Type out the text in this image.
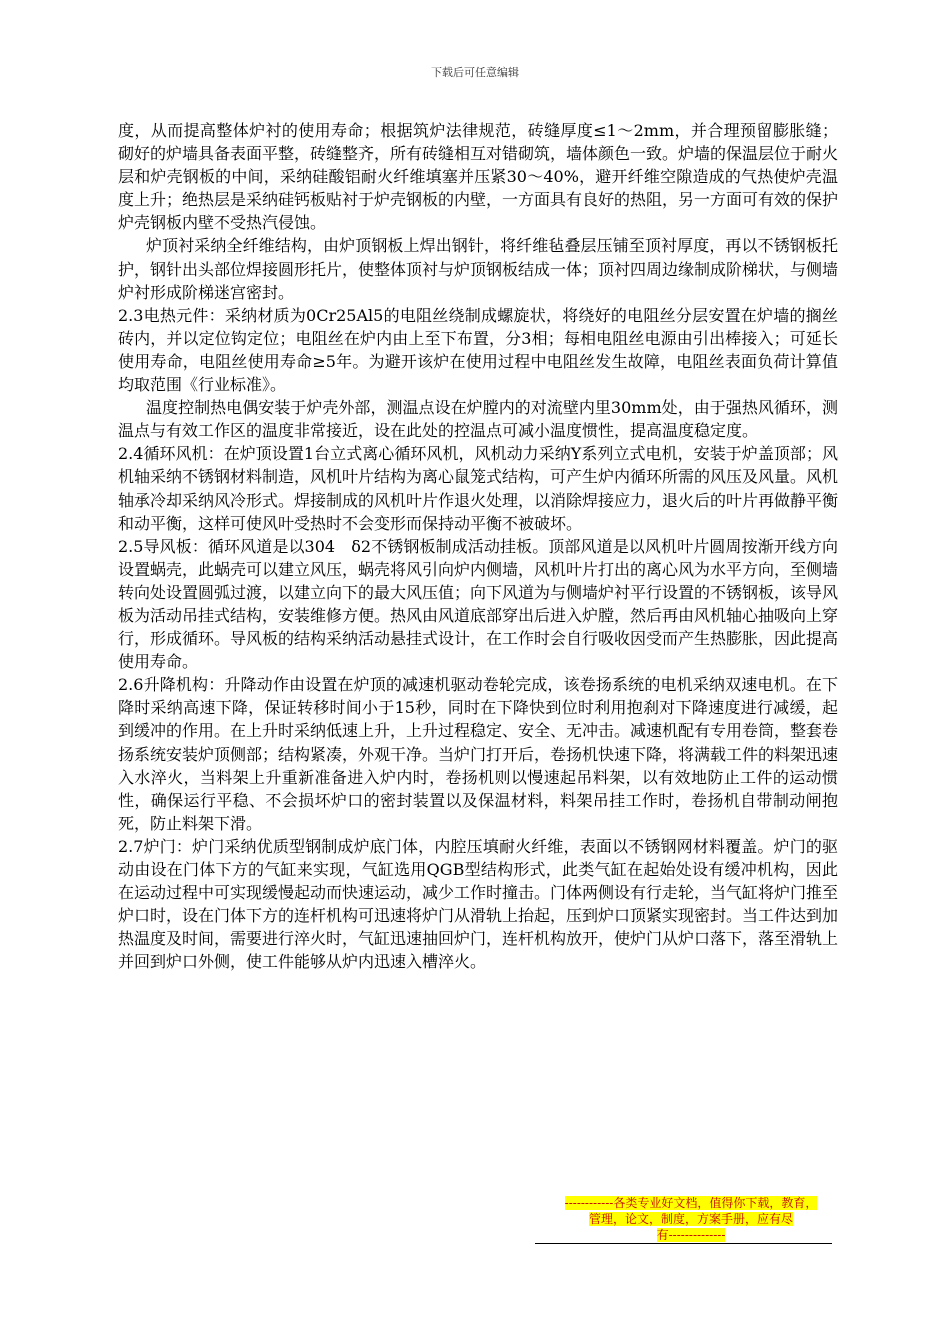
下载后可任意编辑

度，从而提高整体炉衬的使用寿命；根据筑炉法律规范，砖缝厚度≤1～2mm，并合理预留膨胀缝；砌好的炉墙具备表面平整，砖缝整齐，所有砖缝相互对错砌筑，墙体颜色一致。炉墙的保温层位于耐火层和炉壳钢板的中间，采纳硅酸铝耐火纤维填塞并压紧30～40%，避开纤维空隙造成的气热使炉壳温度上升；绝热层是采纳硅钙板贴衬于炉壳钢板的内壁，一方面具有良好的热阻，另一方面可有效的保护炉壳钢板内壁不受热汽侵蚀。

炉顶衬采纳全纤维结构，由炉顶钢板上焊出钢针，将纤维毡叠层压铺至顶衬厚度，再以不锈钢板托护，钢针出头部位焊接圆形托片，使整体顶衬与炉顶钢板结成一体；顶衬四周边缘制成阶梯状，与侧墙炉衬形成阶梯迷宫密封。

2.3电热元件：采纳材质为0Cr25Al5的电阻丝绕制成螺旋状，将绕好的电阻丝分层安置在炉墙的搁丝砖内，并以定位钩定位；电阻丝在炉内由上至下布置，分3相；每相电阻丝电源由引出棒接入；可延长使用寿命，电阻丝使用寿命≥5年。为避开该炉在使用过程中电阻丝发生故障，电阻丝表面负荷计算值均取范围《行业标准》。

温度控制热电偶安装于炉壳外部，测温点设在炉膛内的对流壁内里30mm处，由于强热风循环，测温点与有效工作区的温度非常接近，设在此处的控温点可减小温度惯性，提高温度稳定度。

2.4循环风机：在炉顶设置1台立式离心循环风机，风机动力采纳Y系列立式电机，安装于炉盖顶部；风机轴采纳不锈钢材料制造，风机叶片结构为离心鼠笼式结构，可产生炉内循环所需的风压及风量。风机轴承冷却采纳风冷形式。焊接制成的风机叶片作退火处理，以消除焊接应力，退火后的叶片再做静平衡和动平衡，这样可使风叶受热时不会变形而保持动平衡不被破坏。

2.5导风板：循环风道是以304　δ2不锈钢板制成活动挂板。顶部风道是以风机叶片圆周按渐开线方向设置蜗壳，此蜗壳可以建立风压，蜗壳将风引向炉内侧墙，风机叶片打出的离心风为水平方向，至侧墙转向处设置圆弧过渡，以建立向下的最大风压值；向下风道为与侧墙炉衬平行设置的不锈钢板，该导风板为活动吊挂式结构，安装维修方便。热风由风道底部穿出后进入炉膛，然后再由风机轴心抽吸向上穿行，形成循环。导风板的结构采纳活动悬挂式设计，在工作时会自行吸收因受而产生热膨胀，因此提高使用寿命。

2.6升降机构：升降动作由设置在炉顶的减速机驱动卷轮完成，该卷扬系统的电机采纳双速电机。在下降时采纳高速下降，保证转移时间小于15秒，同时在下降快到位时利用抱刹对下降速度进行减缓，起到缓冲的作用。在上升时采纳低速上升，上升过程稳定、安全、无冲击。减速机配有专用卷筒，整套卷扬系统安装炉顶侧部；结构紧凑，外观干净。当炉门打开后，卷扬机快速下降，将满载工件的料架迅速入水淬火，当料架上升重新准备进入炉内时，卷扬机则以慢速起吊料架，以有效地防止工件的运动惯性，确保运行平稳、不会损坏炉口的密封装置以及保温材料，料架吊挂工作时，卷扬机自带制动闸抱死，防止料架下滑。

2.7炉门：炉门采纳优质型钢制成炉底门体，内腔压填耐火纤维，表面以不锈钢网材料覆盖。炉门的驱动由设在门体下方的气缸来实现，气缸选用QGB型结构形式，此类气缸在起始处设有缓冲机构，因此在运动过程中可实现缓慢起动而快速运动，减少工作时撞击。门体两侧设有行走轮，当气缸将炉门推至炉口时，设在门体下方的连杆机构可迅速将炉门从滑轨上抬起，压到炉口顶紧实现密封。当工件达到加热温度及时间，需要进行淬火时，气缸迅速抽回炉门，连杆机构放开，使炉门从炉口落下，落至滑轨上并回到炉口外侧，使工件能够从炉内迅速入槽淬火。

------------各类专业好文档，值得你下载，教育，
管理，论文，制度，方案手册，应有尽
有--------------
